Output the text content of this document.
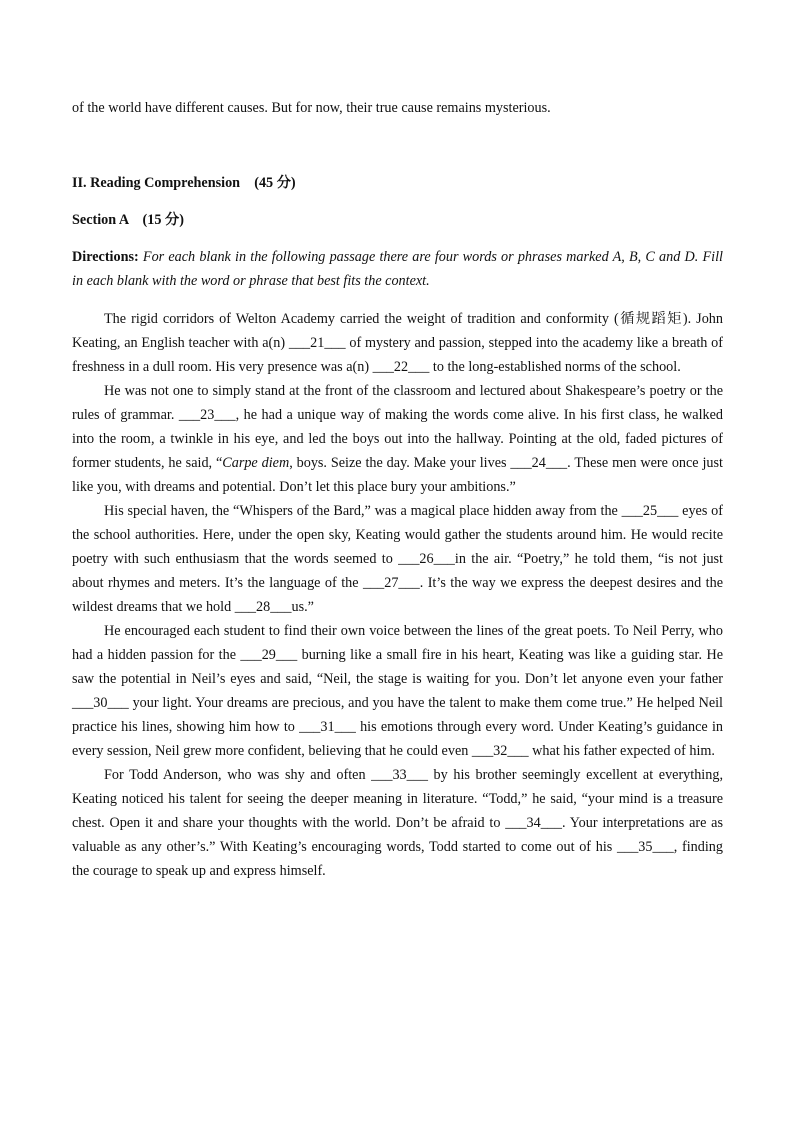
of the world have different causes. But for now, their true cause remains mysterious.

II. Reading Comprehension    (45 分)

Section A    (15 分)

Directions: For each blank in the following passage there are four words or phrases marked A, B, C and D. Fill in each blank with the word or phrase that best fits the context.

The rigid corridors of Welton Academy carried the weight of tradition and conformity (循规蹈矩). John Keating, an English teacher with a(n) ___21___ of mystery and passion, stepped into the academy like a breath of freshness in a dull room. His very presence was a(n) ___22___ to the long-established norms of the school.

He was not one to simply stand at the front of the classroom and lectured about Shakespeare’s poetry or the rules of grammar. ___23___, he had a unique way of making the words come alive. In his first class, he walked into the room, a twinkle in his eye, and led the boys out into the hallway. Pointing at the old, faded pictures of former students, he said, “Carpe diem, boys. Seize the day. Make your lives ___24___. These men were once just like you, with dreams and potential. Don’t let this place bury your ambitions.”

His special haven, the “Whispers of the Bard,” was a magical place hidden away from the ___25___ eyes of the school authorities. Here, under the open sky, Keating would gather the students around him. He would recite poetry with such enthusiasm that the words seemed to ___26___in the air. “Poetry,” he told them, “is not just about rhymes and meters. It’s the language of the ___27___. It’s the way we express the deepest desires and the wildest dreams that we hold ___28___us.”

He encouraged each student to find their own voice between the lines of the great poets. To Neil Perry, who had a hidden passion for the ___29___ burning like a small fire in his heart, Keating was like a guiding star. He saw the potential in Neil’s eyes and said, “Neil, the stage is waiting for you. Don’t let anyone even your father ___30___ your light. Your dreams are precious, and you have the talent to make them come true.” He helped Neil practice his lines, showing him how to ___31___ his emotions through every word. Under Keating’s guidance in every session, Neil grew more confident, believing that he could even ___32___ what his father expected of him.

For Todd Anderson, who was shy and often ___33___ by his brother seemingly excellent at everything, Keating noticed his talent for seeing the deeper meaning in literature. “Todd,” he said, “your mind is a treasure chest. Open it and share your thoughts with the world. Don’t be afraid to ___34___. Your interpretations are as valuable as any other’s.” With Keating’s encouraging words, Todd started to come out of his ___35___, finding the courage to speak up and express himself.
